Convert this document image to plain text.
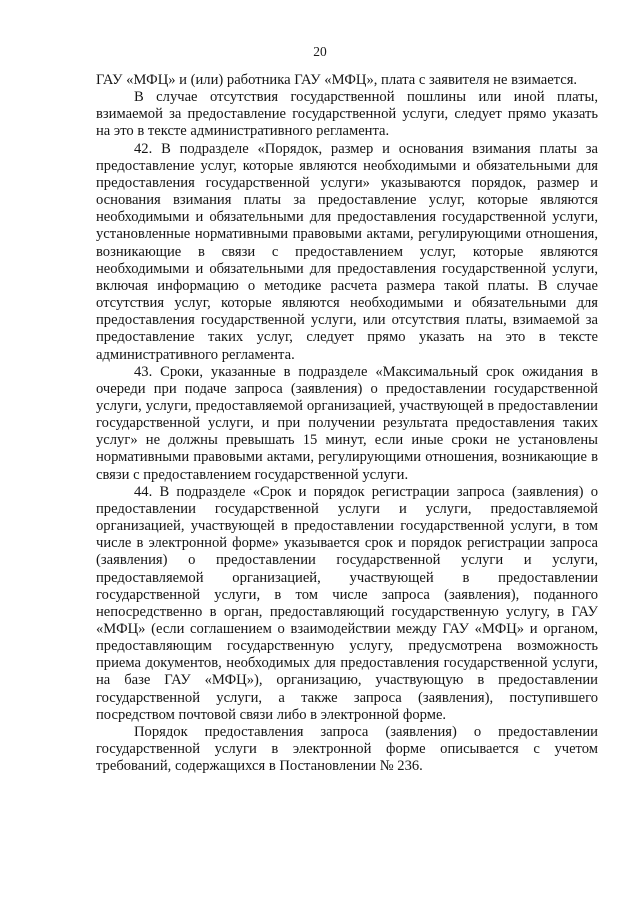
20

ГАУ «МФЦ» и (или) работника ГАУ «МФЦ», плата с заявителя не взимается.

В случае отсутствия государственной пошлины или иной платы, взимаемой за предоставление государственной услуги, следует прямо указать на это в тексте административного регламента.

42. В подразделе «Порядок, размер и основания взимания платы за предоставление услуг, которые являются необходимыми и обязательными для предоставления государственной услуги» указываются порядок, размер и основания взимания платы за предоставление услуг, которые являются необходимыми и обязательными для предоставления государственной услуги, установленные нормативными правовыми актами, регулирующими отношения, возникающие в связи с предоставлением услуг, которые являются необходимыми и обязательными для предоставления государственной услуги, включая информацию о методике расчета размера такой платы. В случае отсутствия услуг, которые являются необходимыми и обязательными для предоставления государственной услуги, или отсутствия платы, взимаемой за предоставление таких услуг, следует прямо указать на это в тексте административного регламента.

43. Сроки, указанные в подразделе «Максимальный срок ожидания в очереди при подаче запроса (заявления) о предоставлении государственной услуги, услуги, предоставляемой организацией, участвующей в предоставлении государственной услуги, и при получении результата предоставления таких услуг» не должны превышать 15 минут, если иные сроки не установлены нормативными правовыми актами, регулирующими отношения, возникающие в связи с предоставлением государственной услуги.

44. В подразделе «Срок и порядок регистрации запроса (заявления) о предоставлении государственной услуги и услуги, предоставляемой организацией, участвующей в предоставлении государственной услуги, в том числе в электронной форме» указывается срок и порядок регистрации запроса (заявления) о предоставлении государственной услуги и услуги, предоставляемой организацией, участвующей в предоставлении государственной услуги, в том числе запроса (заявления), поданного непосредственно в орган, предоставляющий государственную услугу, в ГАУ «МФЦ» (если соглашением о взаимодействии между ГАУ «МФЦ» и органом, предоставляющим государственную услугу, предусмотрена возможность приема документов, необходимых для предоставления государственной услуги, на базе ГАУ «МФЦ»), организацию, участвующую в предоставлении государственной услуги, а также запроса (заявления), поступившего посредством почтовой связи либо в электронной форме.

Порядок предоставления запроса (заявления) о предоставлении государственной услуги в электронной форме описывается с учетом требований, содержащихся в Постановлении № 236.
